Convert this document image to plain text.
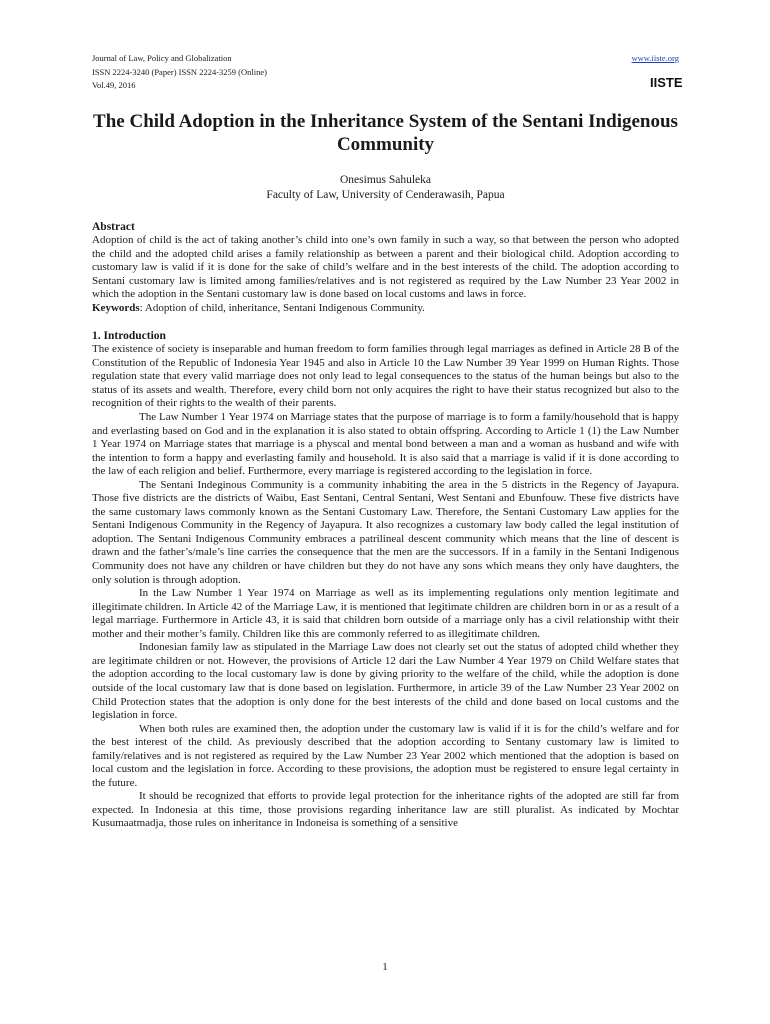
Journal of Law, Policy and Globalization
ISSN 2224-3240 (Paper) ISSN 2224-3259 (Online)
Vol.49, 2016
www.iiste.org
IISTE
The Child Adoption in the Inheritance System of the Sentani Indigenous Community
Onesimus Sahuleka
Faculty of Law, University of Cenderawasih, Papua
Abstract

Adoption of child is the act of taking another’s child into one’s own family in such a way, so that between the person who adopted the child and the adopted child arises a family relationship as between a parent and their biological child. Adoption according to customary law is valid if it is done for the sake of child’s welfare and in the best interests of the child. The adoption according to Sentani customary law is limited among families/relatives and is not registered as required by the Law Number 23 Year 2002 in which the adoption in the Sentani customary law is done based on local customs and laws in force.

Keywords: Adoption of child, inheritance, Sentani Indigenous Community.

1. Introduction

The existence of society is inseparable and human freedom to form families through legal marriages as defined in Article 28 B of the Constitution of the Republic of Indonesia Year 1945 and also in Article 10 the Law Number 39 Year 1999 on Human Rights. Those regulation state that every valid marriage does not only lead to legal consequences to the status of the human beings but also to the status of its assets and wealth. Therefore, every child born not only acquires the right to have their status recognized but also to the recognition of their rights to the wealth of their parents.

The Law Number 1 Year 1974 on Marriage states that the purpose of marriage is to form a family/household that is happy and everlasting based on God and in the explanation it is also stated to obtain offspring. According to Article 1 (1) the Law Number 1 Year 1974 on Marriage states that marriage is a physcal and mental bond between a man and a woman as husband and wife with the intention to form a happy and everlasting family and household. It is also said that a marriage is valid if it is done according to the law of each religion and belief. Furthermore, every marriage is registered according to the legislation in force.

The Sentani Indeginous Community is a community inhabiting the area in the 5 districts in the Regency of Jayapura. Those five districts are the districts of Waibu, East Sentani, Central Sentani, West Sentani and Ebunfouw. These five districts have the same customary laws commonly known as the Sentani Customary Law. Therefore, the Sentani Customary Law applies for the Sentani Indigenous Community in the Regency of Jayapura. It also recognizes a customary law body called the legal institution of adoption. The Sentani Indigenous Community embraces a patrilineal descent community which means that the line of descent is drawn and the father’s/male’s line carries the consequence that the men are the successors. If in a family in the Sentani Indigenous Community does not have any children or have children but they do not have any sons which means they only have daughters, the only solution is through adoption.

In the Law Number 1 Year 1974 on Marriage as well as its implementing regulations only mention legitimate and illegitimate children. In Article 42 of the Marriage Law, it is mentioned that legitimate children are children born in or as a result of a legal marriage. Furthermore in Article 43, it is said that children born outside of a marriage only has a civil relationship witht their mother and their mother’s family. Children like this are commonly referred to as illegitimate children.

Indonesian family law as stipulated in the Marriage Law does not clearly set out the status of adopted child whether they are legitimate children or not. However, the provisions of Article 12 dari the Law Number 4 Year 1979 on Child Welfare states that the adoption according to the local customary law is done by giving priority to the welfare of the child, while the adoption is done outside of the local customary law that is done based on legislation. Furthermore, in article 39 of the Law Number 23 Year 2002 on Child Protection states that the adoption is only done for the best interests of the child and done based on local customs and the legislation in force.

When both rules are examined then, the adoption under the customary law is valid if it is for the child’s welfare and for the best interest of the child. As previously described that the adoption according to Sentany customary law is limited to family/relatives and is not registered as required by the Law Number 23 Year 2002 which mentioned that the adoption is based on local custom and the legislation in force. According to these provisions, the adoption must be registered to ensure legal certainty in the future.

It should be recognized that efforts to provide legal protection for the inheritance rights of the adopted are still far from expected. In Indonesia at this time, those provisions regarding inheritance law are still pluralist. As indicated by Mochtar Kusumaatmadja, those rules on inheritance in Indoneisa is something of a sensitive

1
